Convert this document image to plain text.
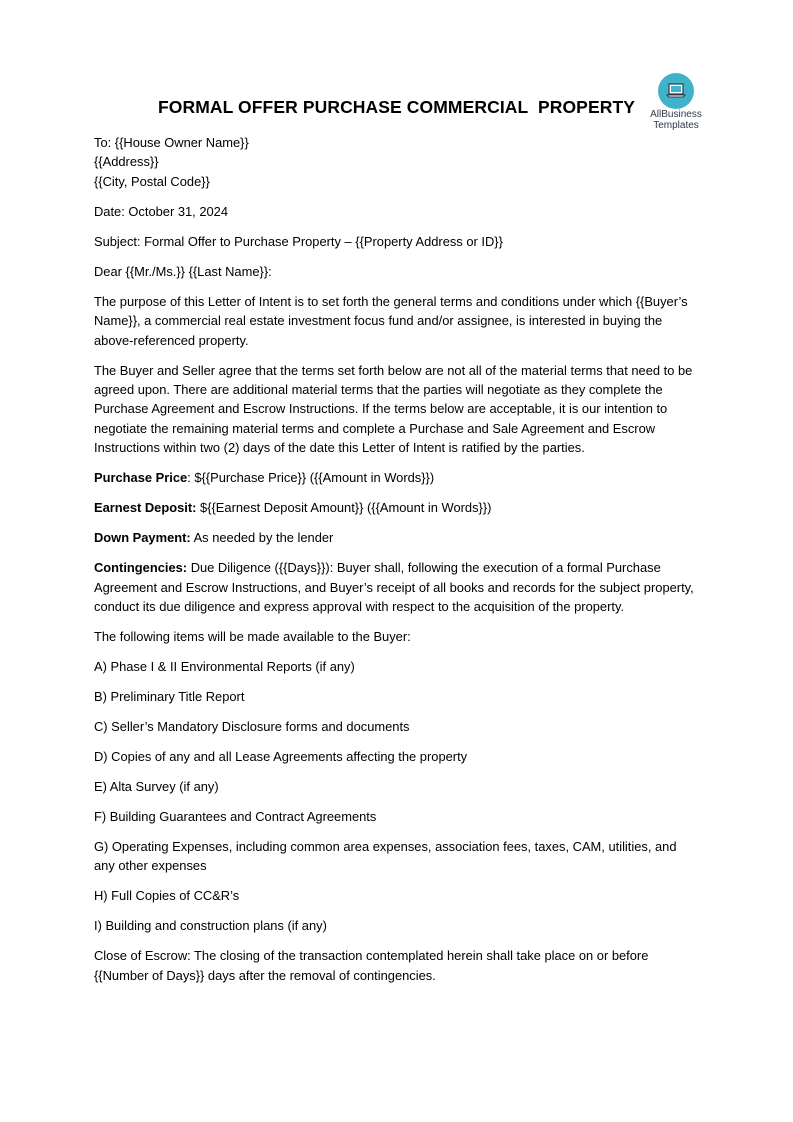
AllBusiness
Templates
FORMAL OFFER PURCHASE COMMERCIAL  PROPERTY

To: {{House Owner Name}}
{{Address}}
{{City, Postal Code}}

Date: October 31, 2024

Subject: Formal Offer to Purchase Property – {{Property Address or ID}}

Dear {{Mr./Ms.}} {{Last Name}}:

The purpose of this Letter of Intent is to set forth the general terms and conditions under which {{Buyer’s Name}}, a commercial real estate investment focus fund and/or assignee, is interested in buying the above-referenced property.

The Buyer and Seller agree that the terms set forth below are not all of the material terms that need to be agreed upon. There are additional material terms that the parties will negotiate as they complete the Purchase Agreement and Escrow Instructions. If the terms below are acceptable, it is our intention to negotiate the remaining material terms and complete a Purchase and Sale Agreement and Escrow Instructions within two (2) days of the date this Letter of Intent is ratified by the parties.

Purchase Price: ${{Purchase Price}} ({{Amount in Words}})

Earnest Deposit: ${{Earnest Deposit Amount}} ({{Amount in Words}})

Down Payment: As needed by the lender

Contingencies: Due Diligence ({{Days}}): Buyer shall, following the execution of a formal Purchase Agreement and Escrow Instructions, and Buyer’s receipt of all books and records for the subject property, conduct its due diligence and express approval with respect to the acquisition of the property.

The following items will be made available to the Buyer:

A) Phase I & II Environmental Reports (if any)

B) Preliminary Title Report

C) Seller’s Mandatory Disclosure forms and documents

D) Copies of any and all Lease Agreements affecting the property

E) Alta Survey (if any)

F) Building Guarantees and Contract Agreements

G) Operating Expenses, including common area expenses, association fees, taxes, CAM, utilities, and any other expenses

H) Full Copies of CC&R’s

I) Building and construction plans (if any)

Close of Escrow: The closing of the transaction contemplated herein shall take place on or before {{Number of Days}} days after the removal of contingencies.
